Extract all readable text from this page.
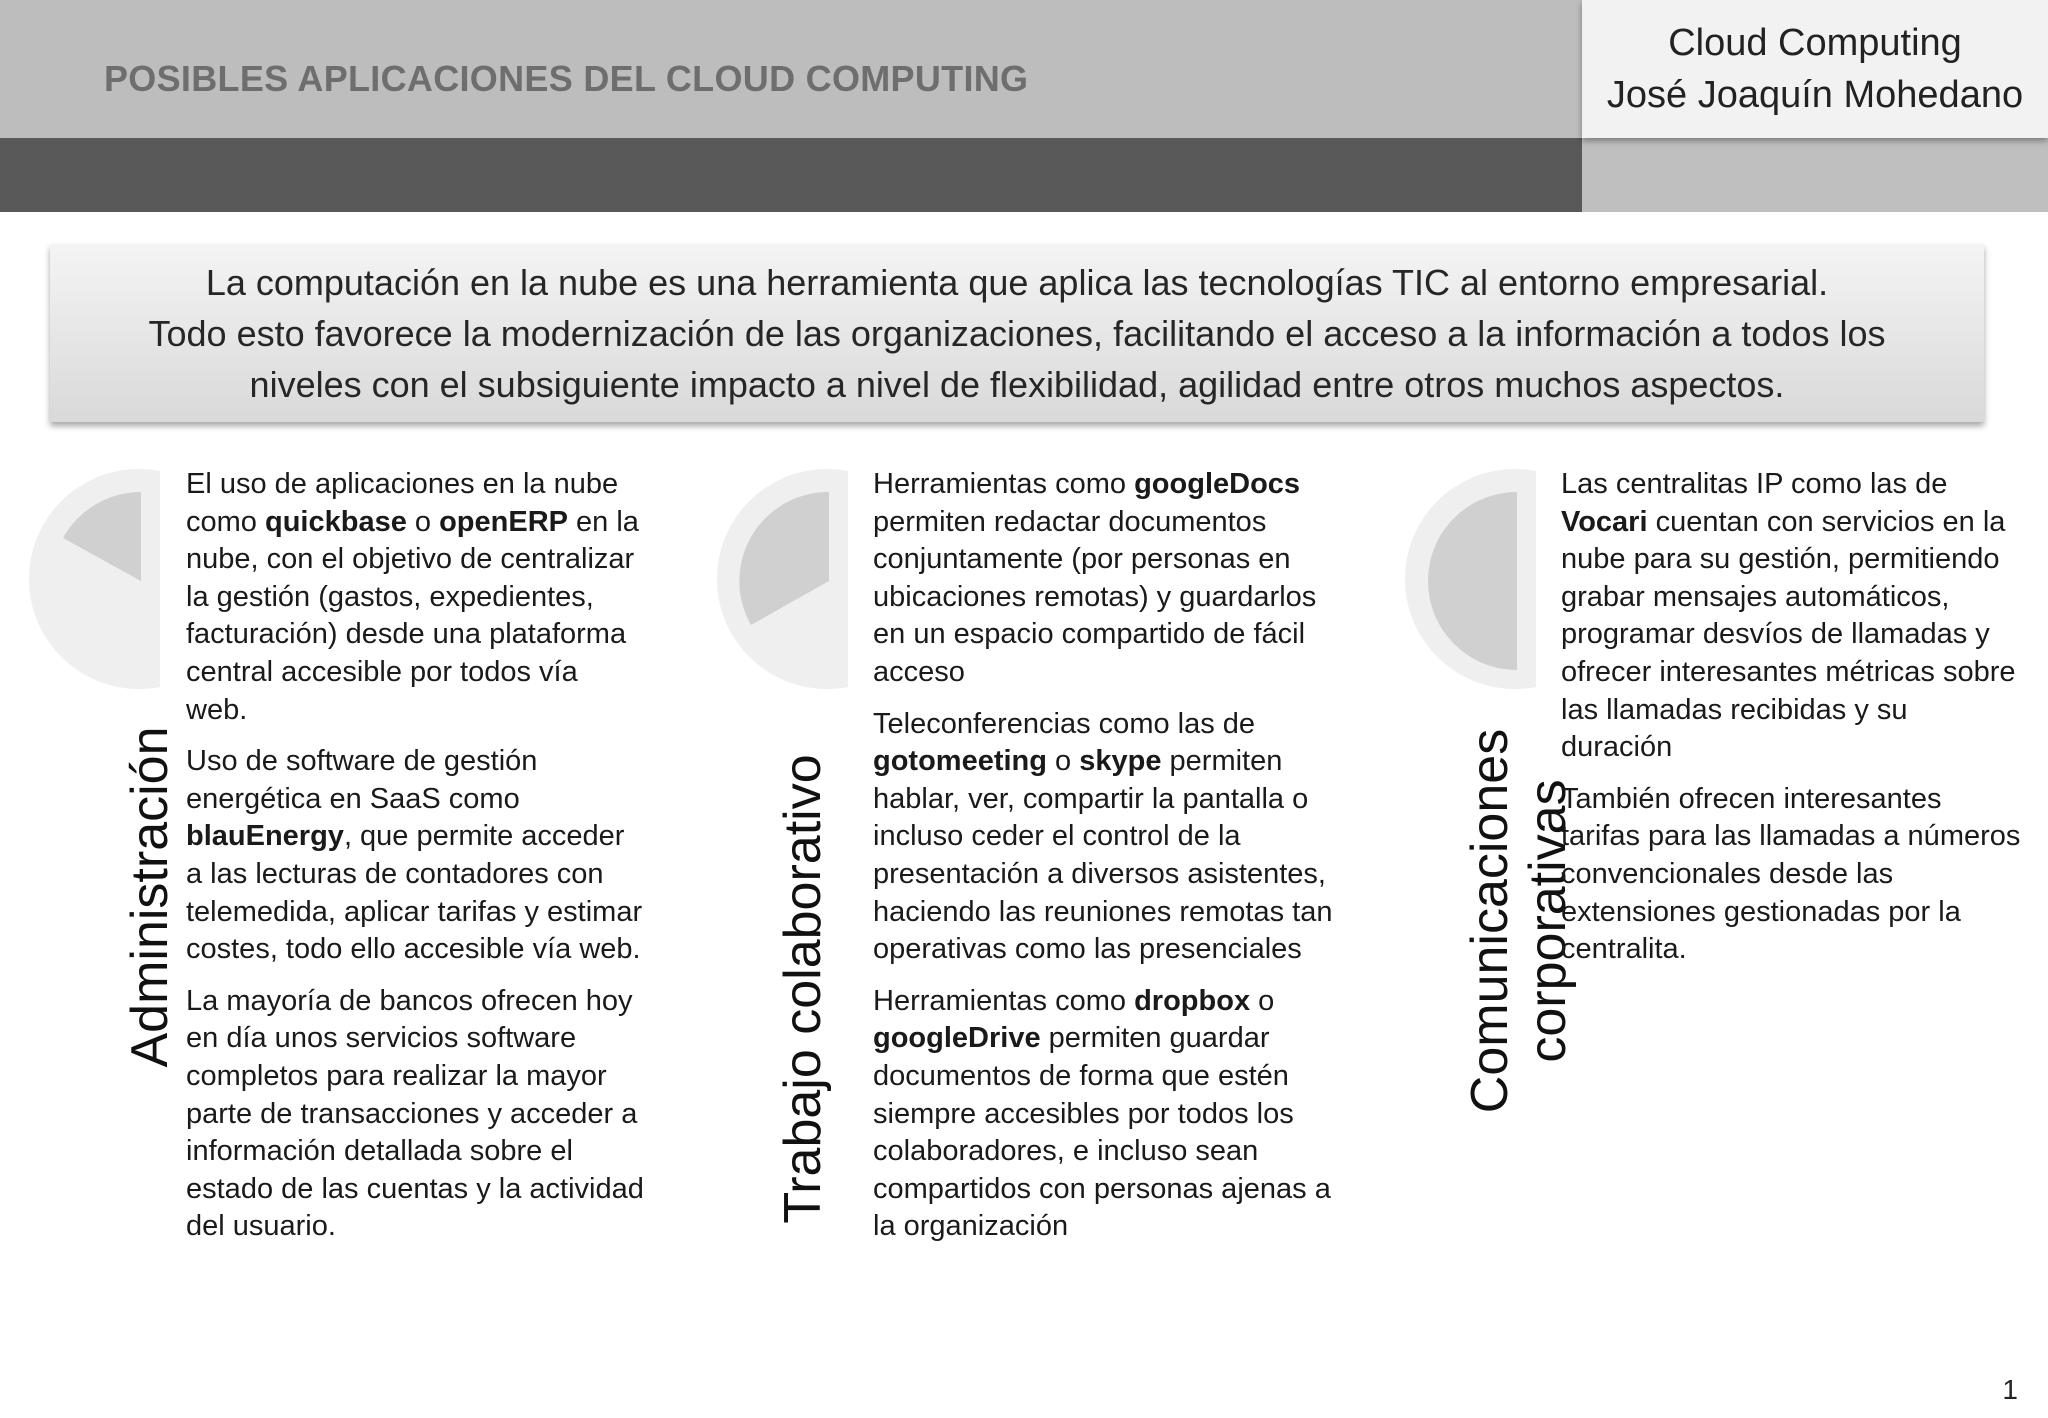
POSIBLES APLICACIONES DEL CLOUD COMPUTING
Cloud Computing
José Joaquín Mohedano
La computación en la nube es una herramienta que aplica las tecnologías TIC al entorno empresarial.
Todo esto favorece la modernización de las organizaciones, facilitando el acceso a la información a todos los
niveles con el subsiguiente impacto a nivel de flexibilidad, agilidad entre otros muchos aspectos.
Administración

El uso de aplicaciones en la nube como quickbase o openERP en la nube, con el objetivo de centralizar la gestión (gastos, expedientes, facturación) desde una plataforma central accesible por todos vía web.

Uso de software de gestión energética en SaaS como blauEnergy, que permite acceder a las lecturas de contadores con telemedida, aplicar tarifas y estimar costes, todo ello accesible vía web.

La mayoría de bancos ofrecen hoy en día unos servicios software completos para realizar la mayor parte de transacciones y acceder a información detallada sobre el estado de las cuentas y la actividad del usuario.

Trabajo colaborativo

Herramientas como googleDocs permiten redactar documentos conjuntamente (por personas en ubicaciones remotas) y guardarlos en un espacio compartido de fácil acceso

Teleconferencias como las de gotomeeting o skype permiten hablar, ver, compartir la pantalla o incluso ceder el control de la presentación a diversos asistentes, haciendo las reuniones remotas tan operativas como las presenciales

Herramientas como dropbox o googleDrive permiten guardar documentos de forma que estén siempre accesibles por todos los colaboradores, e incluso sean compartidos con personas ajenas a la organización

Comunicaciones corporativas

Las centralitas IP como las de Vocari cuentan con servicios en la nube para su gestión, permitiendo grabar mensajes automáticos, programar desvíos de llamadas y ofrecer interesantes métricas sobre las llamadas recibidas y su duración

También ofrecen interesantes tarifas para las llamadas a números convencionales desde las extensiones gestionadas por la centralita.

1
